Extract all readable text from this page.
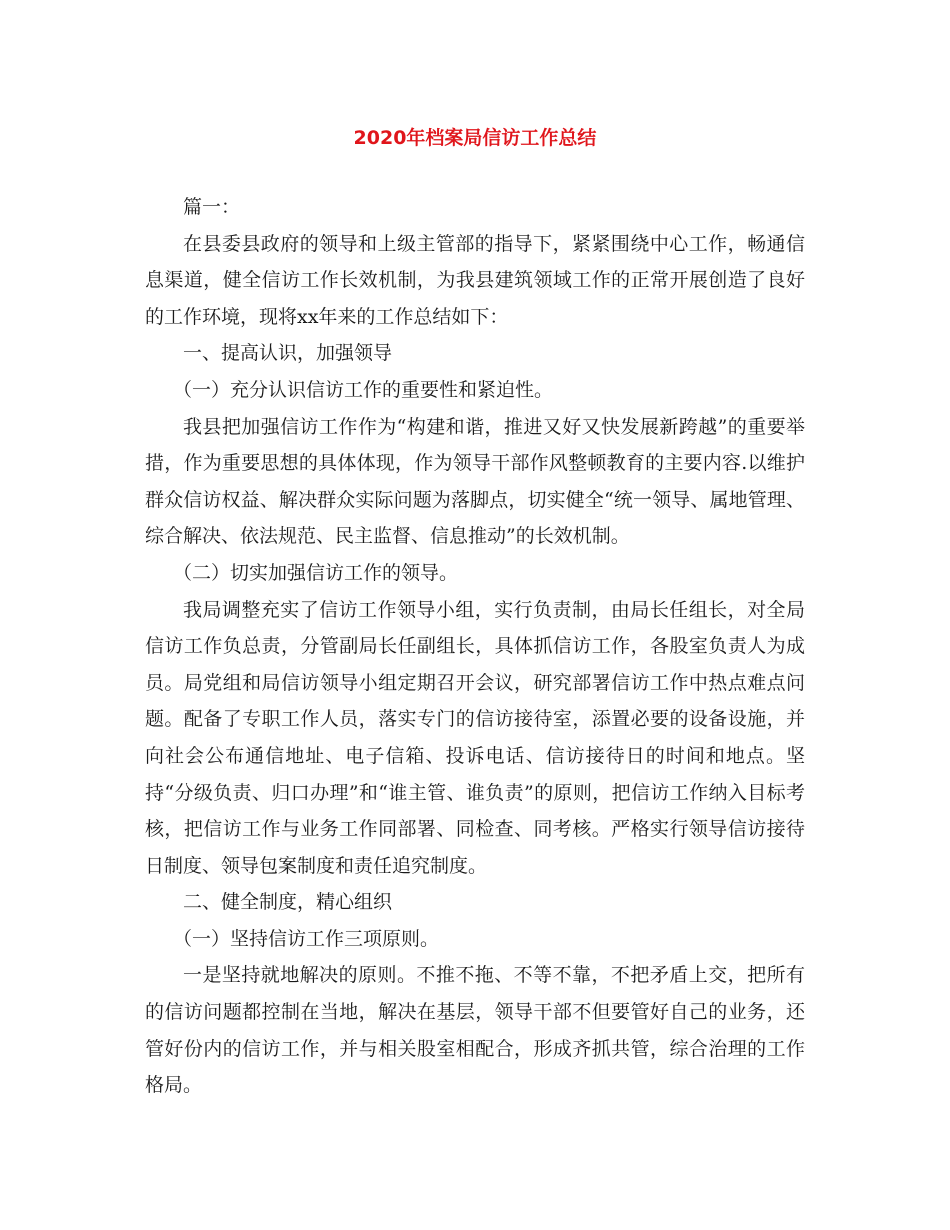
2020年档案局信访工作总结

篇一：

在县委县政府的领导和上级主管部的指导下，紧紧围绕中心工作，畅通信息渠道，健全信访工作长效机制，为我县建筑领域工作的正常开展创造了良好的工作环境，现将xx年来的工作总结如下：

一、提高认识，加强领导

（一）充分认识信访工作的重要性和紧迫性。

我县把加强信访工作作为“构建和谐，推进又好又快发展新跨越”的重要举措，作为重要思想的具体体现，作为领导干部作风整顿教育的主要内容.以维护群众信访权益、解决群众实际问题为落脚点，切实健全“统一领导、属地管理、综合解决、依法规范、民主监督、信息推动”的长效机制。

（二）切实加强信访工作的领导。

我局调整充实了信访工作领导小组，实行负责制，由局长任组长，对全局信访工作负总责，分管副局长任副组长，具体抓信访工作，各股室负责人为成员。局党组和局信访领导小组定期召开会议，研究部署信访工作中热点难点问题。配备了专职工作人员，落实专门的信访接待室，添置必要的设备设施，并向社会公布通信地址、电子信箱、投诉电话、信访接待日的时间和地点。坚持“分级负责、归口办理”和“谁主管、谁负责”的原则，把信访工作纳入目标考核，把信访工作与业务工作同部署、同检查、同考核。严格实行领导信访接待日制度、领导包案制度和责任追究制度。

二、健全制度，精心组织

（一）坚持信访工作三项原则。

一是坚持就地解决的原则。不推不拖、不等不靠，不把矛盾上交，把所有的信访问题都控制在当地，解决在基层，领导干部不但要管好自己的业务，还管好份内的信访工作，并与相关股室相配合，形成齐抓共管，综合治理的工作格局。
